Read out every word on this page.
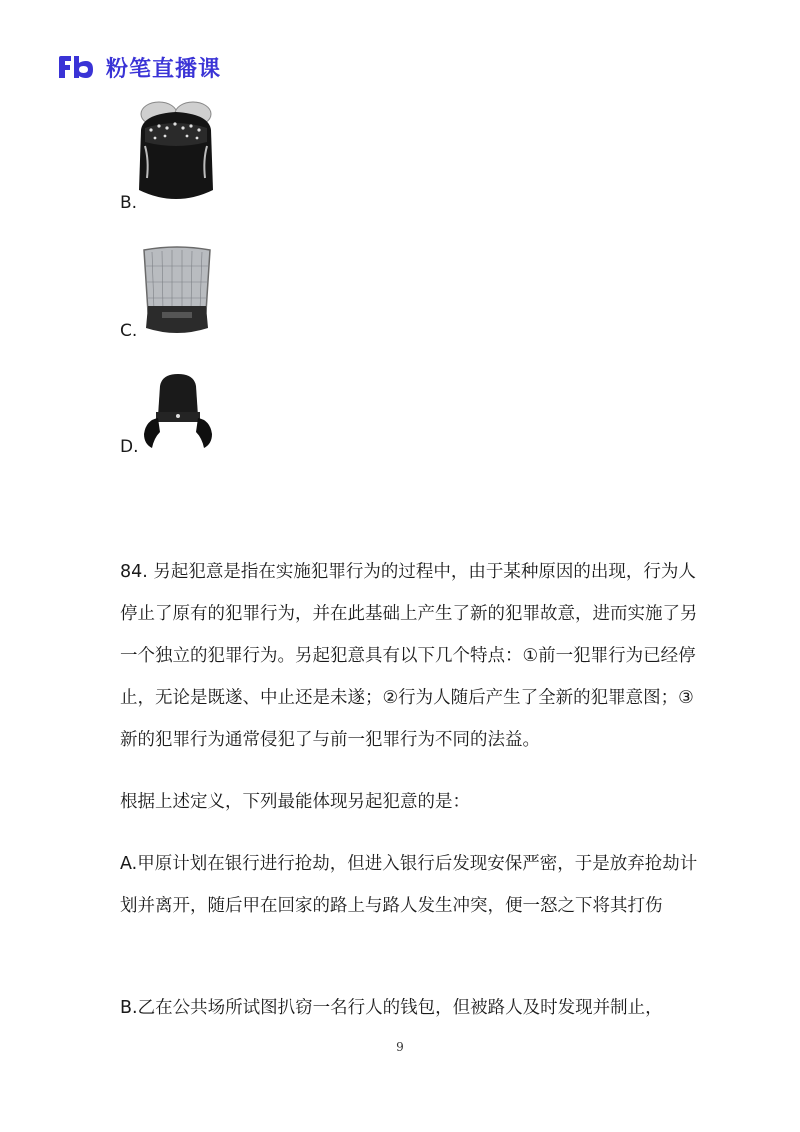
粉笔直播课
B.
C.
D.

84. 另起犯意是指在实施犯罪行为的过程中，由于某种原因的出现，行为人停止了原有的犯罪行为，并在此基础上产生了新的犯罪故意，进而实施了另一个独立的犯罪行为。另起犯意具有以下几个特点：①前一犯罪行为已经停止，无论是既遂、中止还是未遂；②行为人随后产生了全新的犯罪意图；③新的犯罪行为通常侵犯了与前一犯罪行为不同的法益。

根据上述定义，下列最能体现另起犯意的是：

A.甲原计划在银行进行抢劫，但进入银行后发现安保严密，于是放弃抢劫计划并离开，随后甲在回家的路上与路人发生冲突，便一怒之下将其打伤

B.乙在公共场所试图扒窃一名行人的钱包，但被路人及时发现并制止，

9
